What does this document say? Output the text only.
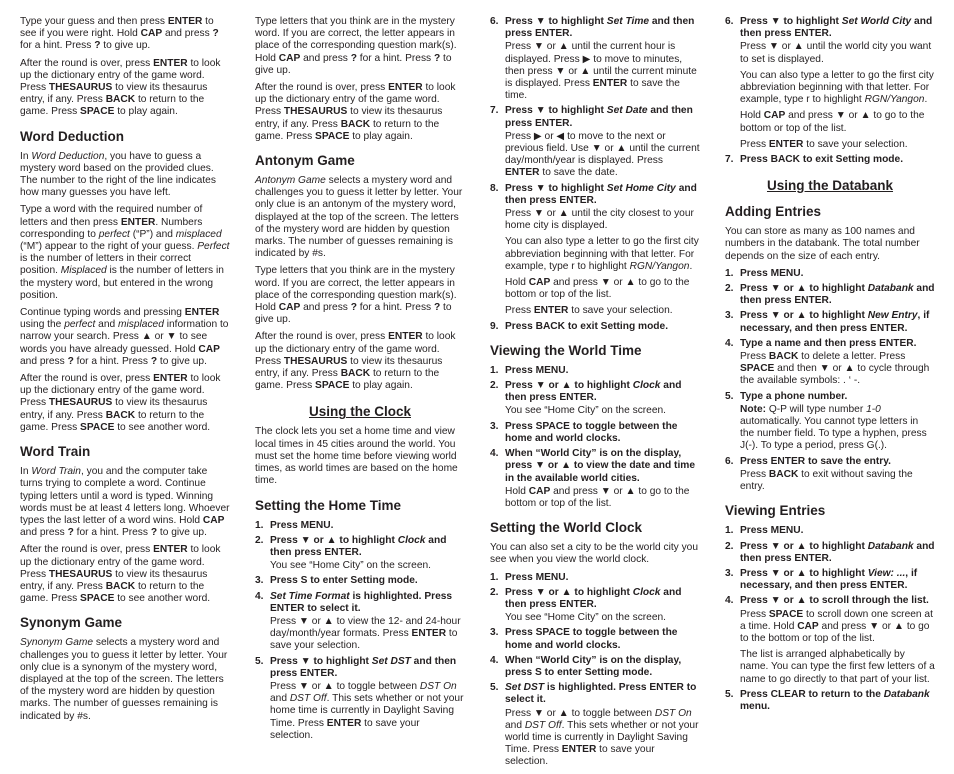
Type your guess and then press ENTER to see if you were right. Hold CAP and press ? for a hint. Press ? to give up.

After the round is over, press ENTER to look up the dictionary entry of the game word. Press THESAURUS to view its thesaurus entry, if any. Press BACK to return to the game. Press SPACE to play again.

Word Deduction

In Word Deduction, you have to guess a mystery word based on the provided clues. The number to the right of the line indicates how many guesses you have left.

Type a word with the required number of letters and then press ENTER. Numbers corresponding to perfect (“P”) and misplaced (“M”) appear to the right of your guess. Perfect is the number of letters in their correct position. Misplaced is the number of letters in the mystery word, but entered in the wrong position.

Continue typing words and pressing ENTER using the perfect and misplaced information to narrow your search. Press ▲ or ▼ to see words you have already guessed. Hold CAP and press ? for a hint. Press ? to give up.

After the round is over, press ENTER to look up the dictionary entry of the game word. Press THESAURUS to view its thesaurus entry, if any. Press BACK to return to the game. Press SPACE to see another word.

Word Train

In Word Train, you and the computer take turns trying to complete a word. Continue typing letters until a word is typed. Winning words must be at least 4 letters long. Whoever types the last letter of a word wins. Hold CAP and press ? for a hint. Press ? to give up.

After the round is over, press ENTER to look up the dictionary entry of the game word. Press THESAURUS to view its thesaurus entry, if any. Press BACK to return to the game. Press SPACE to see another word.

Synonym Game

Synonym Game selects a mystery word and challenges you to guess it letter by letter. Your only clue is a synonym of the mystery word, displayed at the top of the screen. The letters of the mystery word are hidden by question marks. The number of guesses remaining is indicated by #s.

Type letters that you think are in the mystery word. If you are correct, the letter appears in place of the corresponding question mark(s). Hold CAP and press ? for a hint. Press ? to give up.

After the round is over, press ENTER to look up the dictionary entry of the game word. Press THESAURUS to view its thesaurus entry, if any. Press BACK to return to the game. Press SPACE to play again.

Antonym Game

Antonym Game selects a mystery word and challenges you to guess it letter by letter. Your only clue is an antonym of the mystery word, displayed at the top of the screen. The letters of the mystery word are hidden by question marks. The number of guesses remaining is indicated by #s.

Type letters that you think are in the mystery word. If you are correct, the letter appears in place of the corresponding question mark(s). Hold CAP and press ? for a hint. Press ? to give up.

After the round is over, press ENTER to look up the dictionary entry of the game word. Press THESAURUS to view its thesaurus entry, if any. Press BACK to return to the game. Press SPACE to play again.

Using the Clock

The clock lets you set a home time and view local times in 45 cities around the world. You must set the home time before viewing world times, as world times are based on the home time.

Setting the Home Time
1. Press MENU.
2. Press ▼ or ▲ to highlight Clock and then press ENTER.
You see “Home City” on the screen.
3. Press S to enter Setting mode.
4. Set Time Format is highlighted. Press ENTER to select it.
Press ▼ or ▲ to view the 12- and 24-hour day/month/year formats. Press ENTER to save your selection.
5. Press ▼ to highlight Set DST and then press ENTER.
Press ▼ or ▲ to toggle between DST On and DST Off. This sets whether or not your home time is currently in Daylight Saving Time. Press ENTER to save your selection.
6. Press ▼ to highlight Set Time and then press ENTER.
Press ▼ or ▲ until the current hour is displayed. Press ▶ to move to minutes, then press ▼ or ▲ until the current minute is displayed. Press ENTER to save the time.
7. Press ▼ to highlight Set Date and then press ENTER.
Press ▶ or ◀ to move to the next or previous field. Use ▼ or ▲ until the current day/month/year is displayed. Press ENTER to save the date.
8. Press ▼ to highlight Set Home City and then press ENTER.
Press ▼ or ▲ until the city closest to your home city is displayed.
You can also type a letter to go the first city abbreviation beginning with that letter. For example, type r to highlight RGN/Yangon.
Hold CAP and press ▼ or ▲ to go to the bottom or top of the list.
Press ENTER to save your selection.
9. Press BACK to exit Setting mode.
Viewing the World Time
1. Press MENU.
2. Press ▼ or ▲ to highlight Clock and then press ENTER.
You see “Home City” on the screen.
3. Press SPACE to toggle between the home and world clocks.
4. When “World City” is on the display, press ▼ or ▲ to view the date and time in the available world cities.
Hold CAP and press ▼ or ▲ to go to the bottom or top of the list.
Setting the World Clock

You can also set a city to be the world city you see when you view the world clock.

1. Press MENU.
2. Press ▼ or ▲ to highlight Clock and then press ENTER.
You see “Home City” on the screen.
3. Press SPACE to toggle between the home and world clocks.
4. When “World City” is on the display, press S to enter Setting mode.
5. Set DST is highlighted. Press ENTER to select it.
Press ▼ or ▲ to toggle between DST On and DST Off. This sets whether or not your world time is currently in Daylight Saving Time. Press ENTER to save your selection.
6. Press ▼ to highlight Set World City and then press ENTER.
Press ▼ or ▲ until the world city you want to set is displayed.
You can also type a letter to go the first city abbreviation beginning with that letter. For example, type r to highlight RGN/Yangon.
Hold CAP and press ▼ or ▲ to go to the bottom or top of the list.
Press ENTER to save your selection.
7. Press BACK to exit Setting mode.
Using the Databank
Adding Entries

You can store as many as 100 names and numbers in the databank. The total number depends on the size of each entry.

1. Press MENU.
2. Press ▼ or ▲ to highlight Databank and then press ENTER.
3. Press ▼ or ▲ to highlight New Entry, if necessary, and then press ENTER.
4. Type a name and then press ENTER.
Press BACK to delete a letter. Press SPACE and then ▼ or ▲ to cycle through the available symbols: . ‘ -.
5. Type a phone number.
Note: Q-P will type number 1-0 automatically. You cannot type letters in the number field. To type a hyphen, press J(-). To type a period, press G(.).
6. Press ENTER to save the entry.
Press BACK to exit without saving the entry.
Viewing Entries
1. Press MENU.
2. Press ▼ or ▲ to highlight Databank and then press ENTER.
3. Press ▼ or ▲ to highlight View: ..., if necessary, and then press ENTER.
4. Press ▼ or ▲ to scroll through the list.
Press SPACE to scroll down one screen at a time. Hold CAP and press ▼ or ▲ to go to the bottom or top of the list.
The list is arranged alphabetically by name. You can type the first few letters of a name to go directly to that part of your list.
5. Press CLEAR to return to the Databank menu.
